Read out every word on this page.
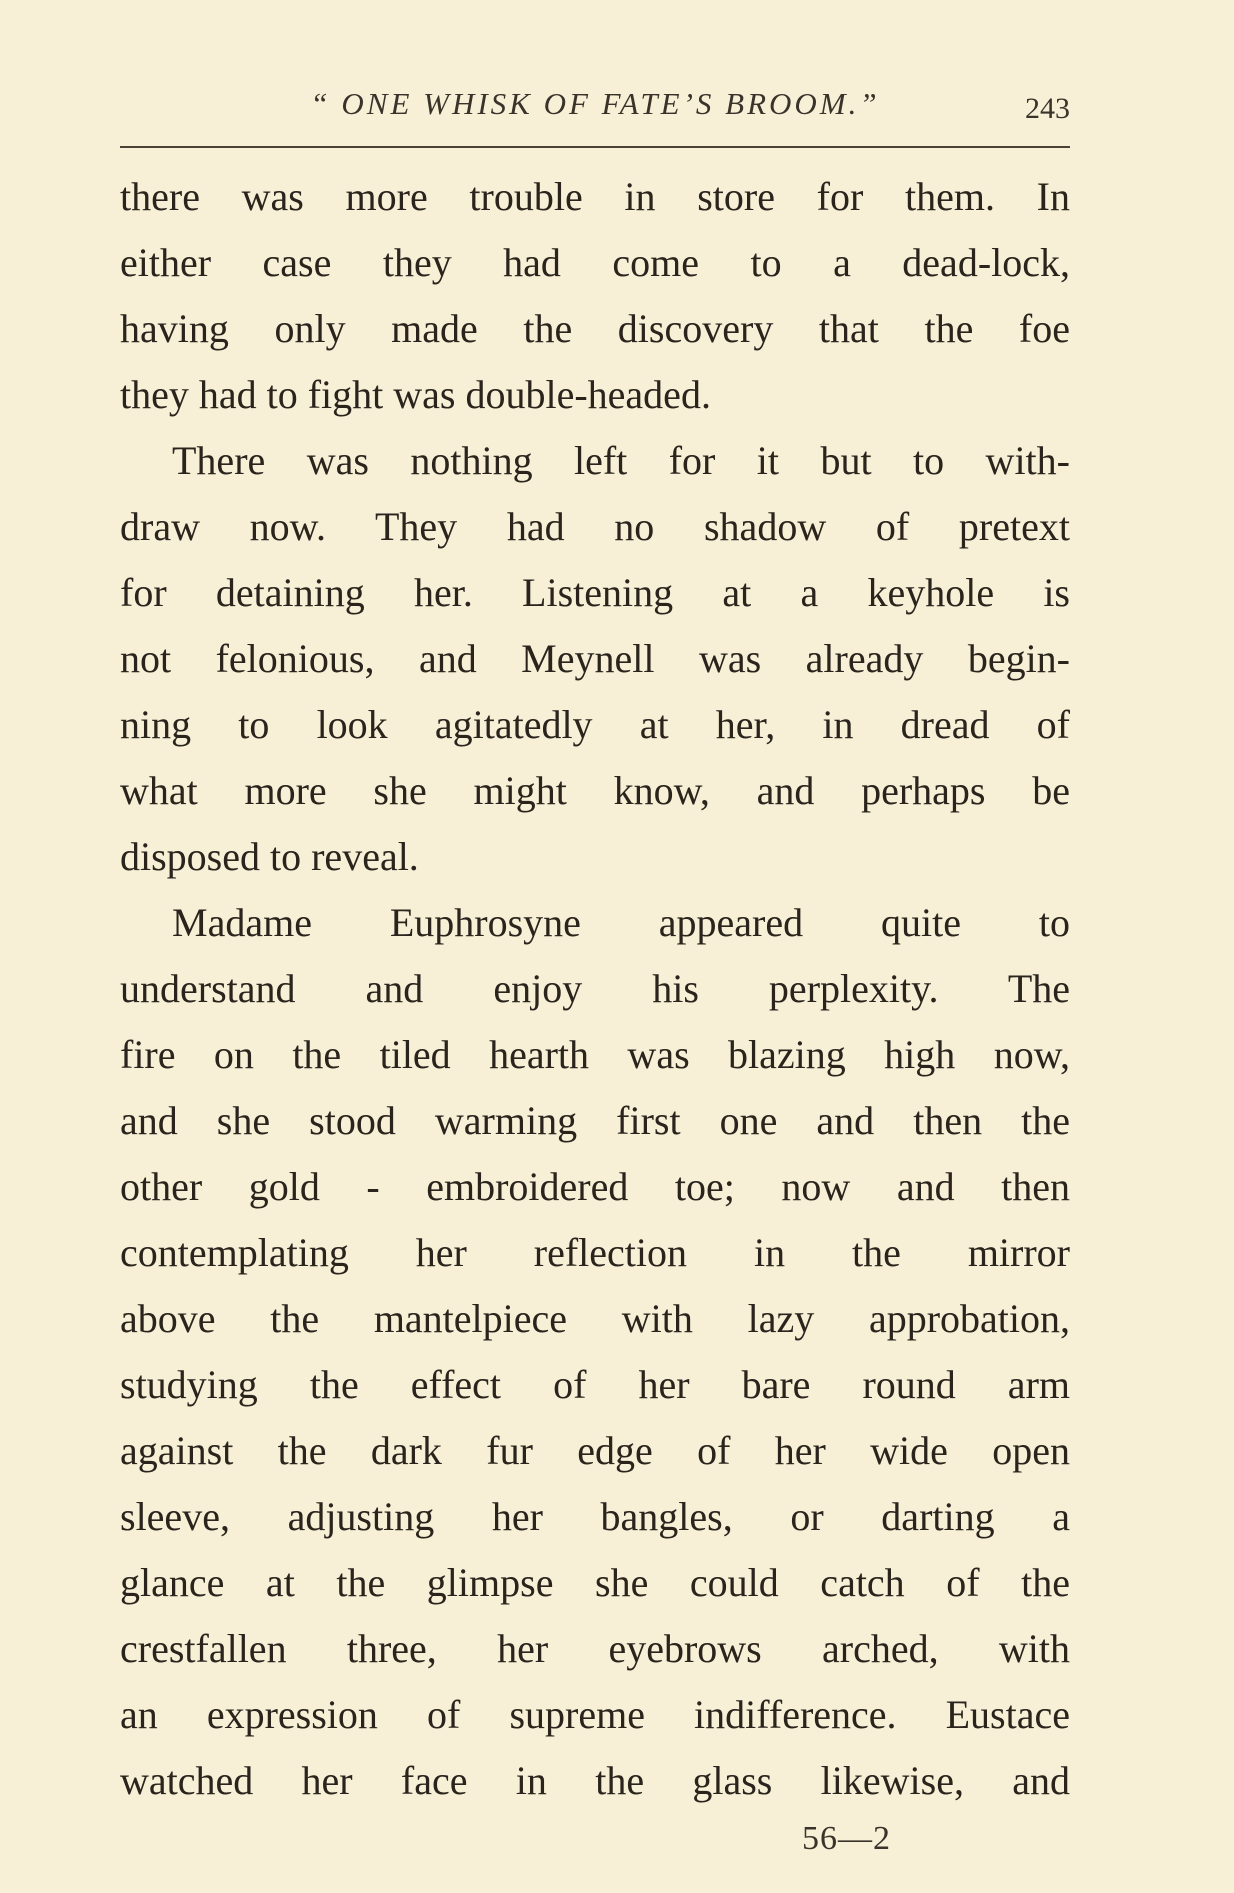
“ ONE WHISK OF FATE’S BROOM.”	243
there was more trouble in store for them. In
either case they had come to a dead-lock,
having only made the discovery that the foe
they had to fight was double-headed.
There was nothing left for it but to with-
draw now. They had no shadow of pretext
for detaining her. Listening at a keyhole is
not felonious, and Meynell was already begin-
ning to look agitatedly at her, in dread of
what more she might know, and perhaps be
disposed to reveal.
Madame Euphrosyne appeared quite to
understand and enjoy his perplexity. The
fire on the tiled hearth was blazing high now,
and she stood warming first one and then the
other gold - embroidered toe; now and then
contemplating her reflection in the mirror
above the mantelpiece with lazy approbation,
studying the effect of her bare round arm
against the dark fur edge of her wide open
sleeve, adjusting her bangles, or darting a
glance at the glimpse she could catch of the
crestfallen three, her eyebrows arched, with
an expression of supreme indifference. Eustace
watched her face in the glass likewise, and
56—2
